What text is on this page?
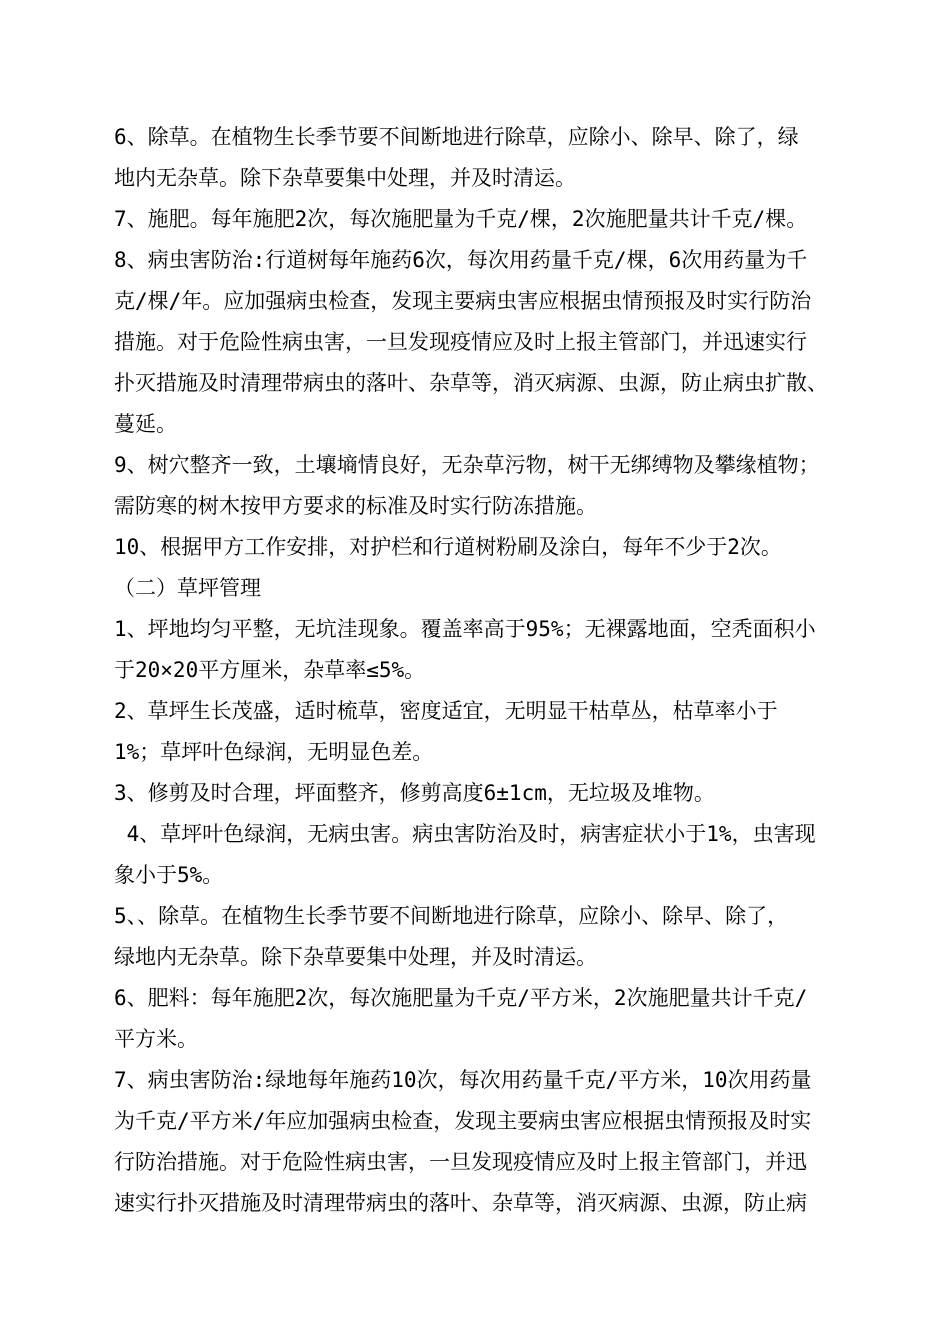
6、除草。在植物生长季节要不间断地进行除草，应除小、除早、除了，绿
地内无杂草。除下杂草要集中处理，并及时清运。
7、施肥。每年施肥2次，每次施肥量为千克/棵，2次施肥量共计千克/棵。
8、病虫害防治:行道树每年施药6次，每次用药量千克/棵，6次用药量为千
克/棵/年。应加强病虫检查，发现主要病虫害应根据虫情预报及时实行防治
措施。对于危险性病虫害，一旦发现疫情应及时上报主管部门，并迅速实行
扑灭措施及时清理带病虫的落叶、杂草等，消灭病源、虫源，防止病虫扩散、
蔓延。
9、树穴整齐一致，土壤墒情良好，无杂草污物，树干无绑缚物及攀缘植物；
需防寒的树木按甲方要求的标准及时实行防冻措施。
10、根据甲方工作安排，对护栏和行道树粉刷及涂白，每年不少于2次。
（二）草坪管理
1、坪地均匀平整，无坑洼现象。覆盖率高于95%；无裸露地面，空秃面积小
于20×20平方厘米，杂草率≤5%。
2、草坪生长茂盛，适时梳草，密度适宜，无明显干枯草丛，枯草率小于
1%；草坪叶色绿润，无明显色差。
3、修剪及时合理，坪面整齐，修剪高度6±1cm，无垃圾及堆物。
4、草坪叶色绿润，无病虫害。病虫害防治及时，病害症状小于1%，虫害现
象小于5%。
5、、除草。在植物生长季节要不间断地进行除草，应除小、除早、除了，
绿地内无杂草。除下杂草要集中处理，并及时清运。
6、肥料：每年施肥2次，每次施肥量为千克/平方米，2次施肥量共计千克/
平方米。
7、病虫害防治:绿地每年施药10次，每次用药量千克/平方米，10次用药量
为千克/平方米/年应加强病虫检查，发现主要病虫害应根据虫情预报及时实
行防治措施。对于危险性病虫害，一旦发现疫情应及时上报主管部门，并迅
速实行扑灭措施及时清理带病虫的落叶、杂草等，消灭病源、虫源，防止病
